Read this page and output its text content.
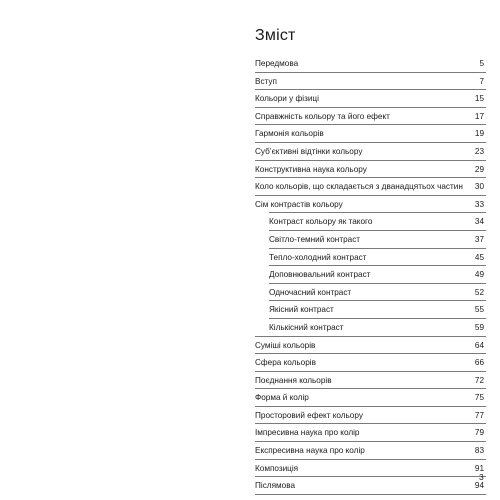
Зміст
Передмова	5
Вступ	7
Кольори у фізиці	15
Справжність кольору та його ефект	17
Гармонія кольорів	19
Суб’єктивні відтінки кольору	23
Конструктивна наука кольору	29
Коло кольорів, що складається з дванадцятьох частин 30
Сім контрастів кольору	33
Контраст кольору як такого	34
Світло-темний контраст	37
Тепло-холодний контраст	45
Доповнювальний контраст	49
Одночасний контраст	52
Якісний контраст	55
Кількісний контраст	59
Суміші кольорів	64
Сфера кольорів	66
Поєднання кольорів	72
Форма й колір	75
Просторовий ефект кольору	77
Імпресивна наука про колір	79
Експресивна наука про колір	83
Композиція	91
Післямова	94
3
